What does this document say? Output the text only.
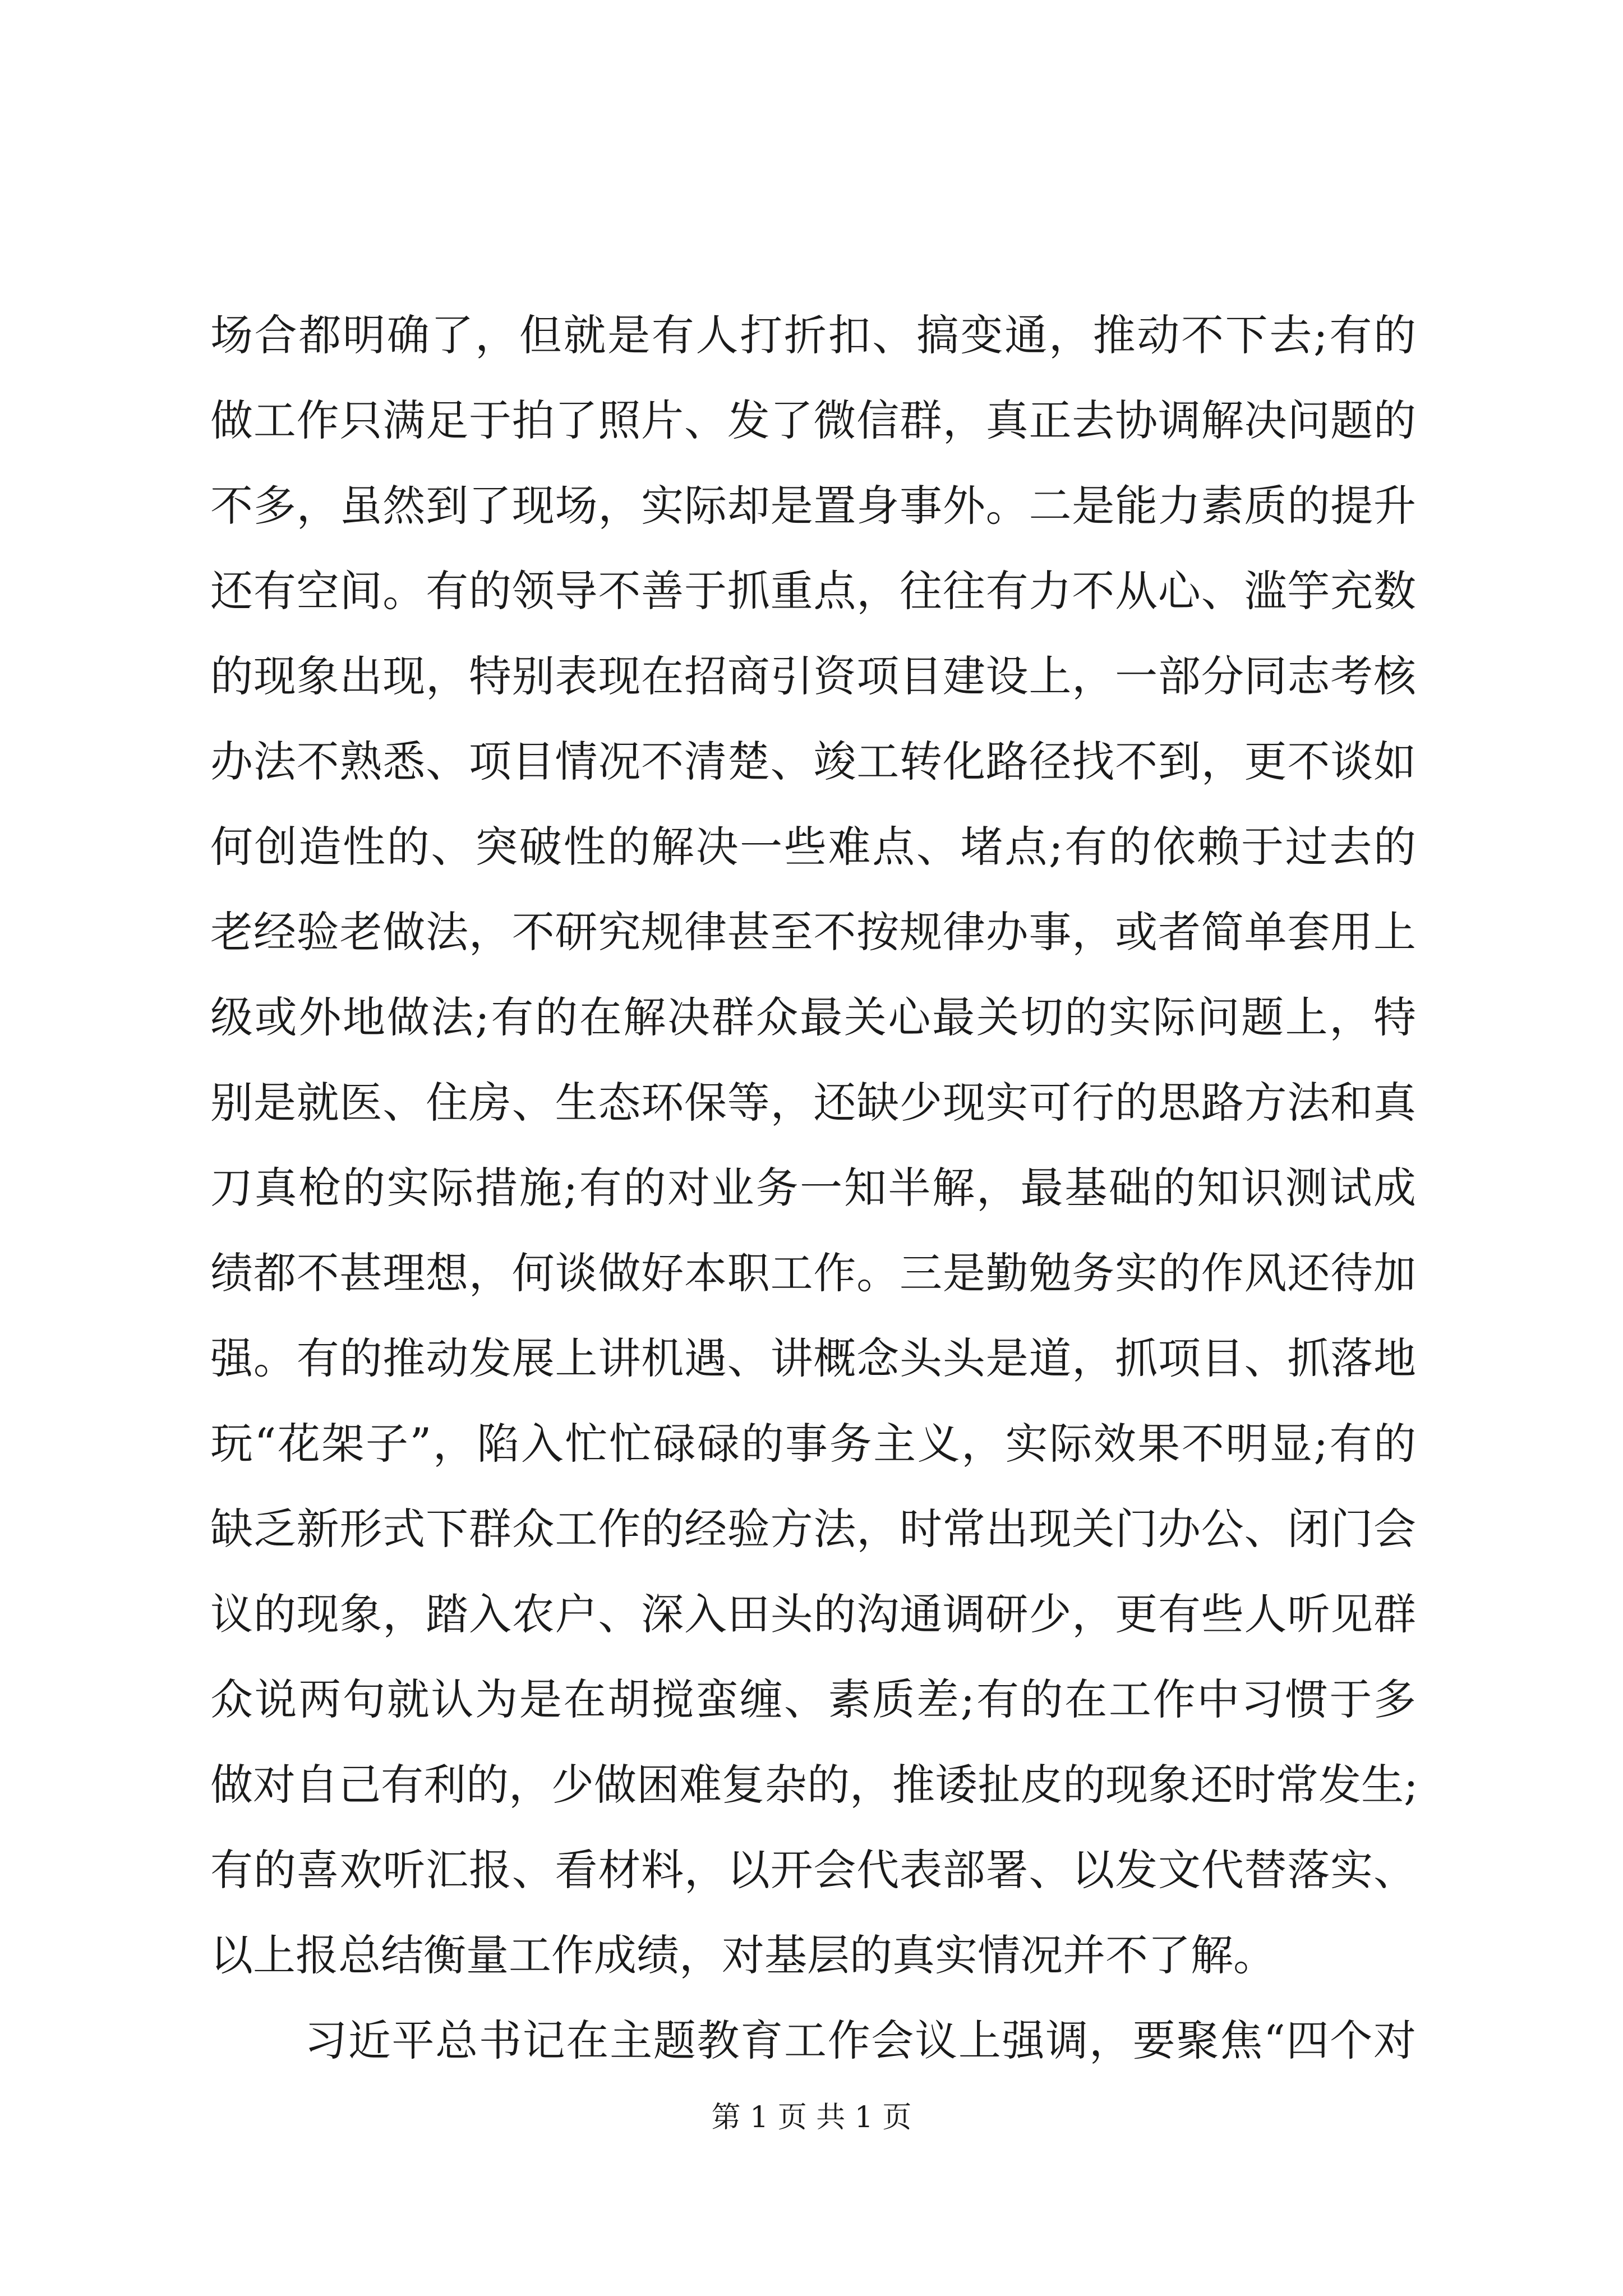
场合都明确了，但就是有人打折扣、搞变通，推动不下去;有的
做工作只满足于拍了照片、发了微信群，真正去协调解决问题的
不多，虽然到了现场，实际却是置身事外。二是能力素质的提升
还有空间。有的领导不善于抓重点，往往有力不从心、滥竽充数
的现象出现，特别表现在招商引资项目建设上，一部分同志考核
办法不熟悉、项目情况不清楚、竣工转化路径找不到，更不谈如
何创造性的、突破性的解决一些难点、堵点;有的依赖于过去的
老经验老做法，不研究规律甚至不按规律办事，或者简单套用上
级或外地做法;有的在解决群众最关心最关切的实际问题上，特
别是就医、住房、生态环保等，还缺少现实可行的思路方法和真
刀真枪的实际措施;有的对业务一知半解，最基础的知识测试成
绩都不甚理想，何谈做好本职工作。三是勤勉务实的作风还待加
强。有的推动发展上讲机遇、讲概念头头是道，抓项目、抓落地
玩“花架子”，陷入忙忙碌碌的事务主义，实际效果不明显;有的
缺乏新形式下群众工作的经验方法，时常出现关门办公、闭门会
议的现象，踏入农户、深入田头的沟通调研少，更有些人听见群
众说两句就认为是在胡搅蛮缠、素质差;有的在工作中习惯于多
做对自己有利的，少做困难复杂的，推诿扯皮的现象还时常发生;
有的喜欢听汇报、看材料，以开会代表部署、以发文代替落实、
以上报总结衡量工作成绩，对基层的真实情况并不了解。
习近平总书记在主题教育工作会议上强调，要聚焦“四个对
第 1 页 共 1 页
